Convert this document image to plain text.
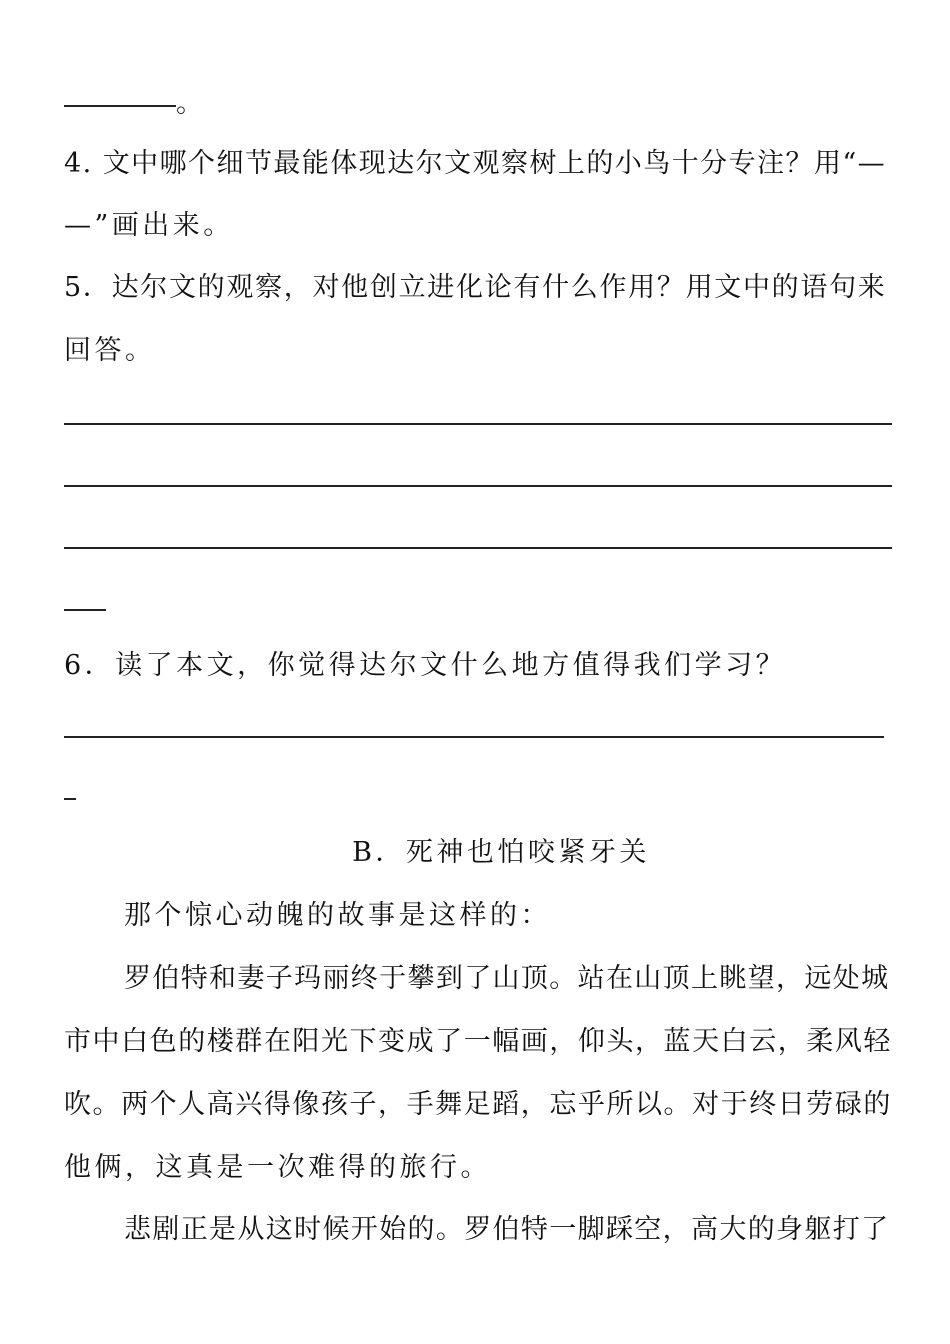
。
4. 文中哪个细节最能体现达尔文观察树上的小鸟十分专注？用“—
—”画出来。
5．达尔文的观察，对他创立进化论有什么作用？用文中的语句来
回答。
6．读了本文，你觉得达尔文什么地方值得我们学习？
B．死神也怕咬紧牙关
那个惊心动魄的故事是这样的：
罗伯特和妻子玛丽终于攀到了山顶。站在山顶上眺望，远处城
市中白色的楼群在阳光下变成了一幅画，仰头，蓝天白云，柔风轻
吹。两个人高兴得像孩子，手舞足蹈，忘乎所以。对于终日劳碌的
他俩，这真是一次难得的旅行。
悲剧正是从这时候开始的。罗伯特一脚踩空，高大的身躯打了
